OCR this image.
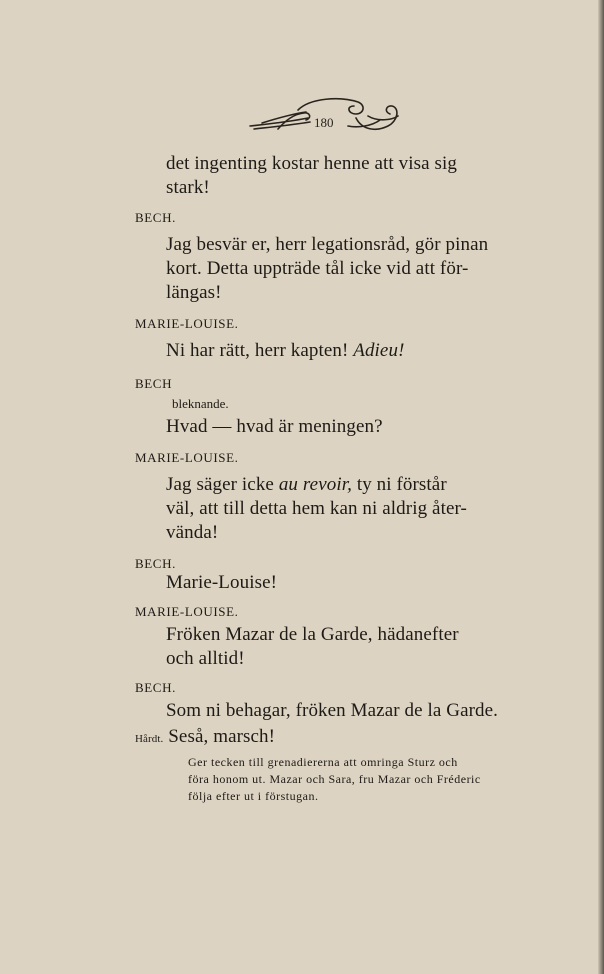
180
det ingenting kostar henne att visa sig
stark!
BECH.
Jag besvär er, herr legationsråd, gör pinan
kort. Detta uppträde tål icke vid att för-
längas!
MARIE-LOUISE.
Ni har rätt, herr kapten! Adieu!
BECH
bleknande.
Hvad — hvad är meningen?
MARIE-LOUISE.
Jag säger icke au revoir, ty ni förstår
väl, att till detta hem kan ni aldrig åter-
vända!
BECH.
Marie-Louise!
MARIE-LOUISE.
Fröken Mazar de la Garde, hädanefter
och alltid!
BECH.
Som ni behagar, fröken Mazar de la Garde.
Hårdt. Seså, marsch!
Ger tecken till grenadiererna att omringa Sturz och
föra honom ut. Mazar och Sara, fru Mazar och Fréderic
följa efter ut i förstugan.
